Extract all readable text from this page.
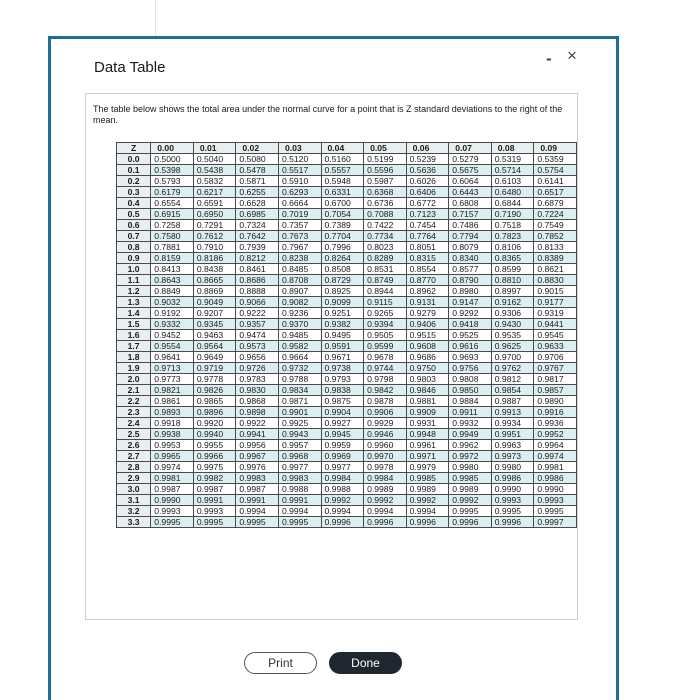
Data Table	- ×
The table below shows the total area under the normal curve for a point that is Z standard deviations to the right of the mean.
Z	0.00	0.01	0.02	0.03	0.04	0.05	0.06	0.07	0.08	0.09
0.0	0.5000	0.5040	0.5080	0.5120	0.5160	0.5199	0.5239	0.5279	0.5319	0.5359
0.1	0.5398	0.5438	0.5478	0.5517	0.5557	0.5596	0.5636	0.5675	0.5714	0.5754
0.2	0.5793	0.5832	0.5871	0.5910	0.5948	0.5987	0.6026	0.6064	0.6103	0.6141
0.3	0.6179	0.6217	0.6255	0.6293	0.6331	0.6368	0.6406	0.6443	0.6480	0.6517
0.4	0.6554	0.6591	0.6628	0.6664	0.6700	0.6736	0.6772	0.6808	0.6844	0.6879
0.5	0.6915	0.6950	0.6985	0.7019	0.7054	0.7088	0.7123	0.7157	0.7190	0.7224
0.6	0.7258	0.7291	0.7324	0.7357	0.7389	0.7422	0.7454	0.7486	0.7518	0.7549
0.7	0.7580	0.7612	0.7642	0.7673	0.7704	0.7734	0.7764	0.7794	0.7823	0.7852
0.8	0.7881	0.7910	0.7939	0.7967	0.7996	0.8023	0.8051	0.8079	0.8106	0.8133
0.9	0.8159	0.8186	0.8212	0.8238	0.8264	0.8289	0.8315	0.8340	0.8365	0.8389
1.0	0.8413	0.8438	0.8461	0.8485	0.8508	0.8531	0.8554	0.8577	0.8599	0.8621
1.1	0.8643	0.8665	0.8686	0.8708	0.8729	0.8749	0.8770	0.8790	0.8810	0.8830
1.2	0.8849	0.8869	0.8888	0.8907	0.8925	0.8944	0.8962	0.8980	0.8997	0.9015
1.3	0.9032	0.9049	0.9066	0.9082	0.9099	0.9115	0.9131	0.9147	0.9162	0.9177
1.4	0.9192	0.9207	0.9222	0.9236	0.9251	0.9265	0.9279	0.9292	0.9306	0.9319
1.5	0.9332	0.9345	0.9357	0.9370	0.9382	0.9394	0.9406	0.9418	0.9430	0.9441
1.6	0.9452	0.9463	0.9474	0.9485	0.9495	0.9505	0.9515	0.9525	0.9535	0.9545
1.7	0.9554	0.9564	0.9573	0.9582	0.9591	0.9599	0.9608	0.9616	0.9625	0.9633
1.8	0.9641	0.9649	0.9656	0.9664	0.9671	0.9678	0.9686	0.9693	0.9700	0.9706
1.9	0.9713	0.9719	0.9726	0.9732	0.9738	0.9744	0.9750	0.9756	0.9762	0.9767
2.0	0.9773	0.9778	0.9783	0.9788	0.9793	0.9798	0.9803	0.9808	0.9812	0.9817
2.1	0.9821	0.9826	0.9830	0.9834	0.9838	0.9842	0.9846	0.9850	0.9854	0.9857
2.2	0.9861	0.9865	0.9868	0.9871	0.9875	0.9878	0.9881	0.9884	0.9887	0.9890
2.3	0.9893	0.9896	0.9898	0.9901	0.9904	0.9906	0.9909	0.9911	0.9913	0.9916
2.4	0.9918	0.9920	0.9922	0.9925	0.9927	0.9929	0.9931	0.9932	0.9934	0.9936
2.5	0.9938	0.9940	0.9941	0.9943	0.9945	0.9946	0.9948	0.9949	0.9951	0.9952
2.6	0.9953	0.9955	0.9956	0.9957	0.9959	0.9960	0.9961	0.9962	0.9963	0.9964
2.7	0.9965	0.9966	0.9967	0.9968	0.9969	0.9970	0.9971	0.9972	0.9973	0.9974
2.8	0.9974	0.9975	0.9976	0.9977	0.9977	0.9978	0.9979	0.9980	0.9980	0.9981
2.9	0.9981	0.9982	0.9983	0.9983	0.9984	0.9984	0.9985	0.9985	0.9986	0.9986
3.0	0.9987	0.9987	0.9987	0.9988	0.9988	0.9989	0.9989	0.9989	0.9990	0.9990
3.1	0.9990	0.9991	0.9991	0.9991	0.9992	0.9992	0.9992	0.9992	0.9993	0.9993
3.2	0.9993	0.9993	0.9994	0.9994	0.9994	0.9994	0.9994	0.9995	0.9995	0.9995
3.3	0.9995	0.9995	0.9995	0.9995	0.9996	0.9996	0.9996	0.9996	0.9996	0.9997
Print	Done
